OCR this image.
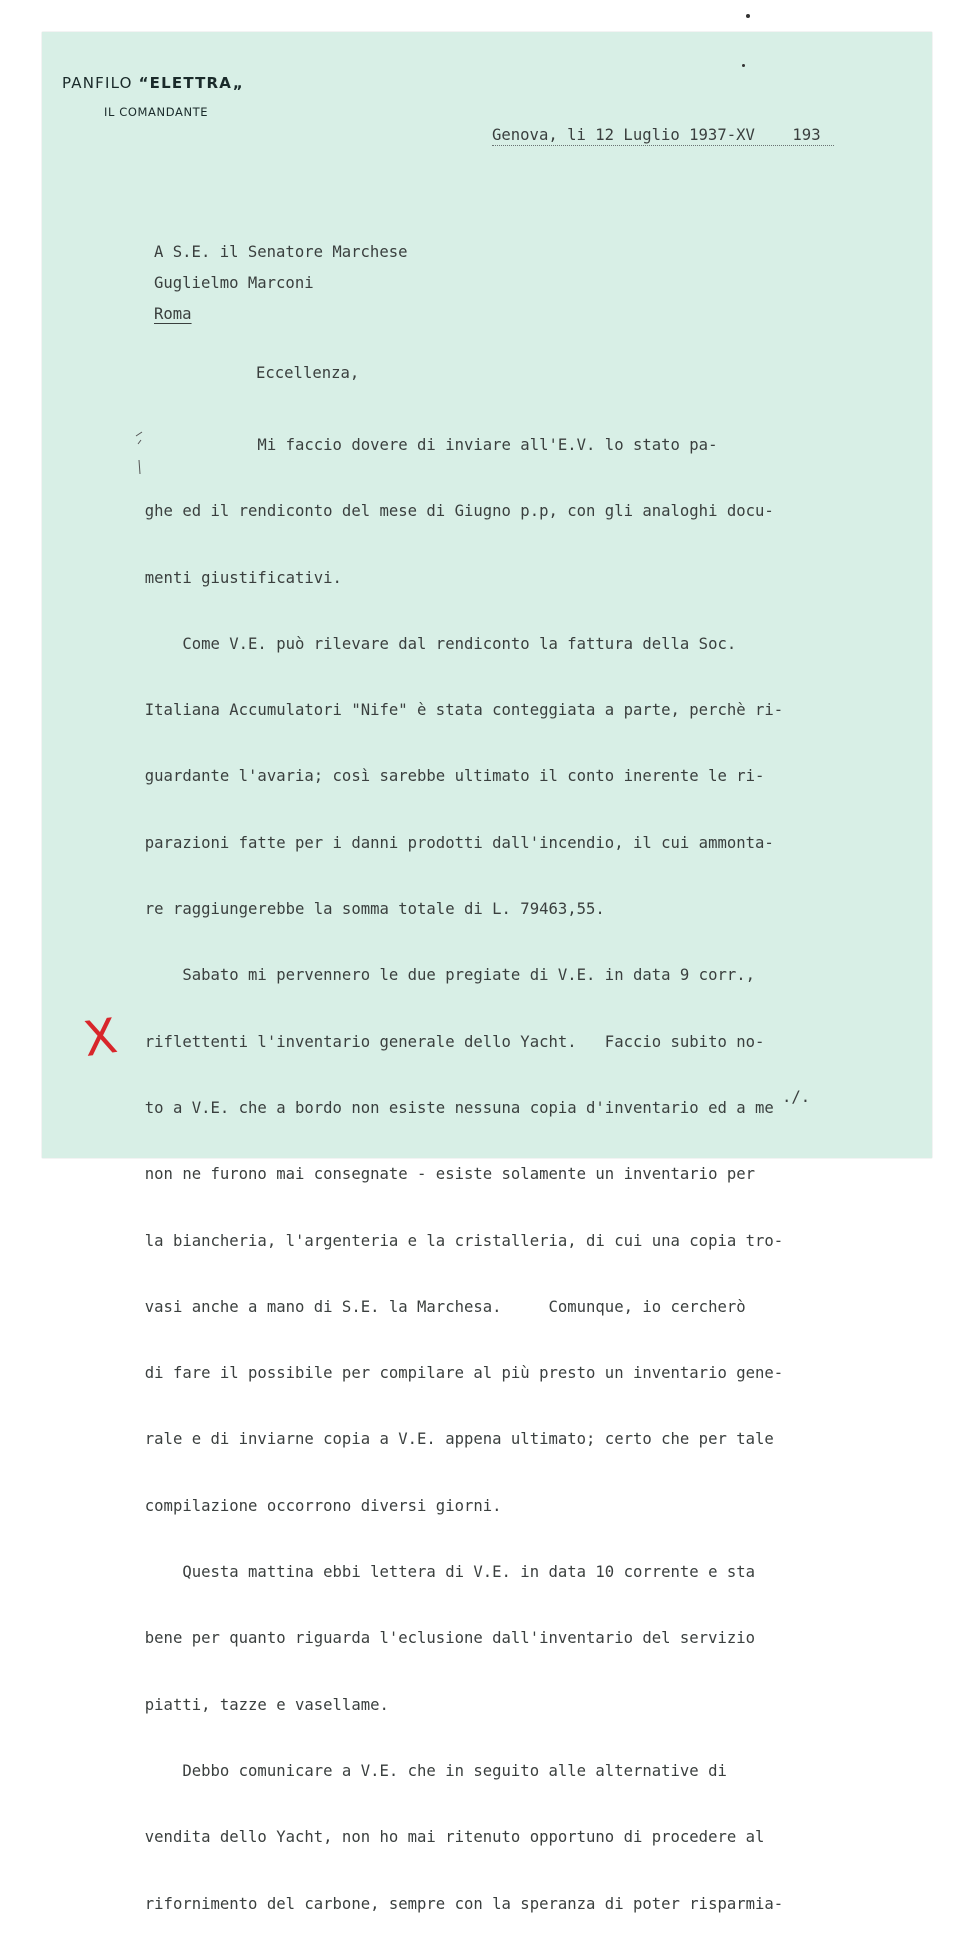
PANFILO “ELETTRA„
IL COMANDANTE
Genova, li 12 Luglio 1937-XV    193
A S.E. il Senatore Marchese
Guglielmo Marconi
Roma
Eccellenza,

Mi faccio dovere di inviare all'E.V. lo stato pa-

ghe ed il rendiconto del mese di Giugno p.p, con gli analoghi docu-

menti giustificativi.

Come V.E. può rilevare dal rendiconto la fattura della Soc.

Italiana Accumulatori "Nife" è stata conteggiata a parte, perchè ri-

guardante l'avaria; così sarebbe ultimato il conto inerente le ri-

parazioni fatte per i danni prodotti dall'incendio, il cui ammonta-

re raggiungerebbe la somma totale di L. 79463,55.

Sabato mi pervennero le due pregiate di V.E. in data 9 corr.,

riflettenti l'inventario generale dello Yacht.   Faccio subito no-

to a V.E. che a bordo non esiste nessuna copia d'inventario ed a me

non ne furono mai consegnate - esiste solamente un inventario per

la biancheria, l'argenteria e la cristalleria, di cui una copia tro-

vasi anche a mano di S.E. la Marchesa.     Comunque, io cercherò

di fare il possibile per compilare al più presto un inventario gene-

rale e di inviarne copia a V.E. appena ultimato; certo che per tale

compilazione occorrono diversi giorni.

Questa mattina ebbi lettera di V.E. in data 10 corrente e sta

bene per quanto riguarda l'eclusione dall'inventario del servizio

piatti, tazze e vasellame.

Debbo comunicare a V.E. che in seguito alle alternative di

vendita dello Yacht, non ho mai ritenuto opportuno di procedere al

rifornimento del carbone, sempre con la speranza di poter risparmia-

./.
X
